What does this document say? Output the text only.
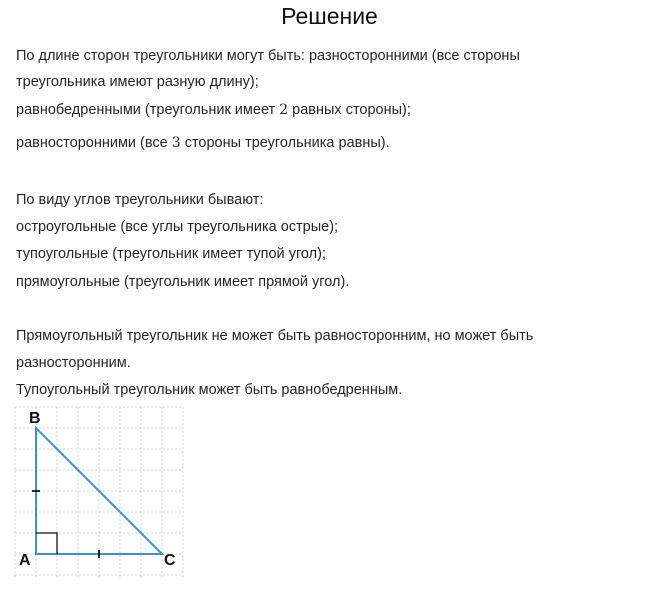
Решение
По длине сторон треугольники могут быть: разносторонними (все стороны
треугольника имеют разную длину);
равнобедренными (треугольник имеет 2 равных стороны);
равносторонними (все 3 стороны треугольника равны).
По виду углов треугольники бывают:
остроугольные (все углы треугольника острые);
тупоугольные (треугольник имеет тупой угол);
прямоугольные (треугольник имеет прямой угол).
Прямоугольный треугольник не может быть равносторонним, но может быть
разносторонним.
Тупоугольный треугольник может быть равнобедренным.
B
A	C
